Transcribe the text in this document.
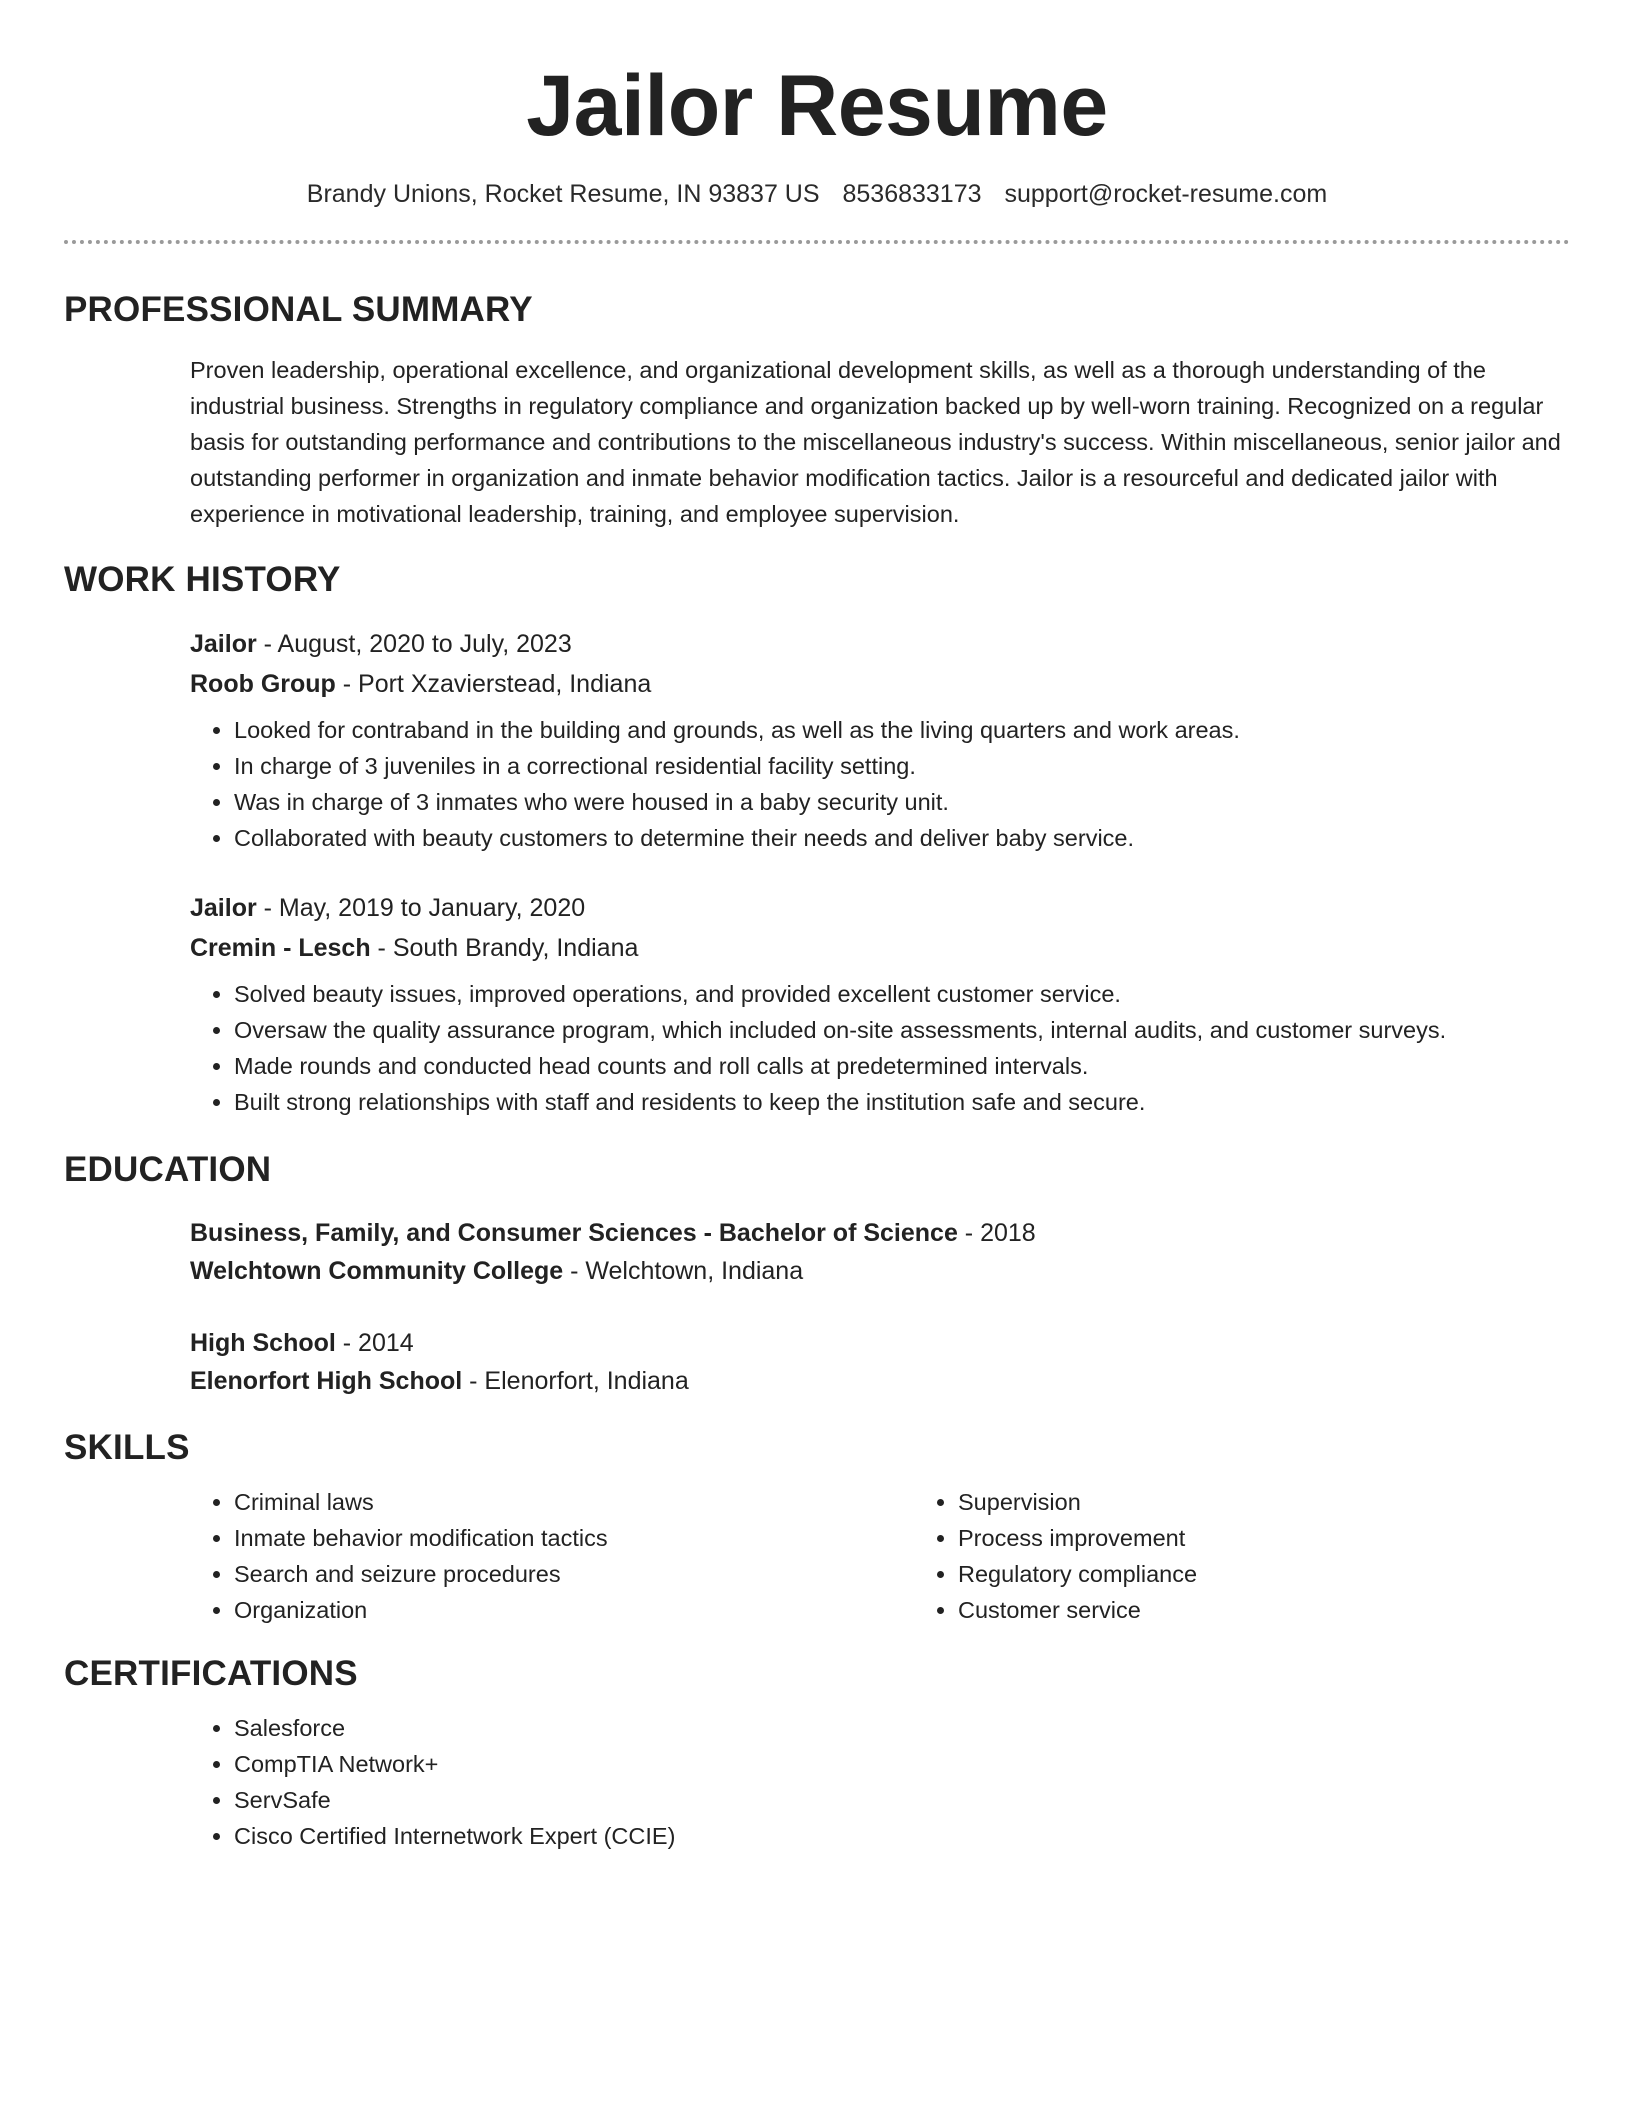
Jailor Resume
Brandy Unions, Rocket Resume, IN 93837 US 8536833173 support@rocket-resume.com
PROFESSIONAL SUMMARY
Proven leadership, operational excellence, and organizational development skills, as well as a thorough understanding of the industrial business. Strengths in regulatory compliance and organization backed up by well-worn training. Recognized on a regular basis for outstanding performance and contributions to the miscellaneous industry's success. Within miscellaneous, senior jailor and outstanding performer in organization and inmate behavior modification tactics. Jailor is a resourceful and dedicated jailor with experience in motivational leadership, training, and employee supervision.
WORK HISTORY
Jailor - August, 2020 to July, 2023
Roob Group - Port Xzavierstead, Indiana
• Looked for contraband in the building and grounds, as well as the living quarters and work areas.
• In charge of 3 juveniles in a correctional residential facility setting.
• Was in charge of 3 inmates who were housed in a baby security unit.
• Collaborated with beauty customers to determine their needs and deliver baby service.
Jailor - May, 2019 to January, 2020
Cremin - Lesch - South Brandy, Indiana
• Solved beauty issues, improved operations, and provided excellent customer service.
• Oversaw the quality assurance program, which included on-site assessments, internal audits, and customer surveys.
• Made rounds and conducted head counts and roll calls at predetermined intervals.
• Built strong relationships with staff and residents to keep the institution safe and secure.
EDUCATION
Business, Family, and Consumer Sciences - Bachelor of Science - 2018
Welchtown Community College - Welchtown, Indiana
High School - 2014
Elenorfort High School - Elenorfort, Indiana
SKILLS
• Criminal laws
• Inmate behavior modification tactics
• Search and seizure procedures
• Organization
• Supervision
• Process improvement
• Regulatory compliance
• Customer service
CERTIFICATIONS
• Salesforce
• CompTIA Network+
• ServSafe
• Cisco Certified Internetwork Expert (CCIE)
